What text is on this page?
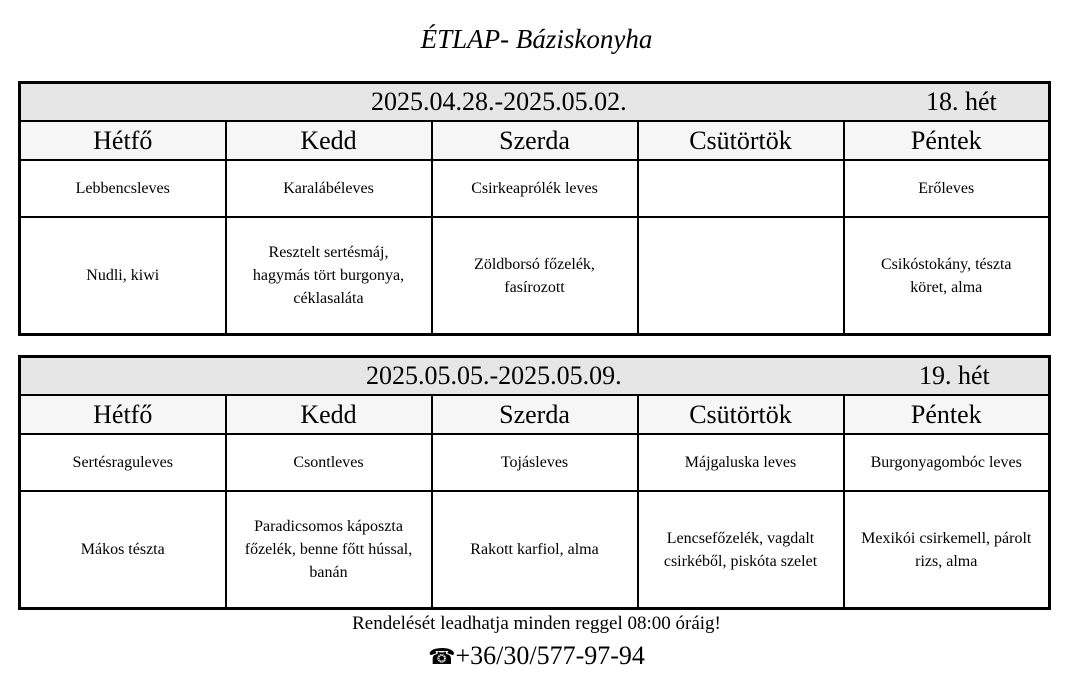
ÉTLAP- Báziskonyha
2025.04.28.-2025.05.02. 18. hét				

Hétfő	Kedd	Szerda	Csütörtök	Péntek
Lebbencsleves	Karalábéleves	Csirkeaprólék leves		Erőleves
Nudli, kiwi	Resztelt sertésmáj, hagymás tört burgonya, céklasaláta	Zöldborsó főzelék, fasírozott		Csikóstokány, tészta köret, alma
2025.05.05.-2025.05.09. 19. hét				

Hétfő	Kedd	Szerda	Csütörtök	Péntek
Sertésraguleves	Csontleves	Tojásleves	Májgaluska leves	Burgonyagombóc leves
Mákos tészta	Paradicsomos káposzta főzelék, benne főtt hússal, banán	Rakott karfiol, alma	Lencsefőzelék, vagdalt csirkéből, piskóta szelet	Mexikói csirkemell, párolt rizs, alma
Rendelését leadhatja minden reggel 08:00 óráig!
☎+36/30/577-97-94
